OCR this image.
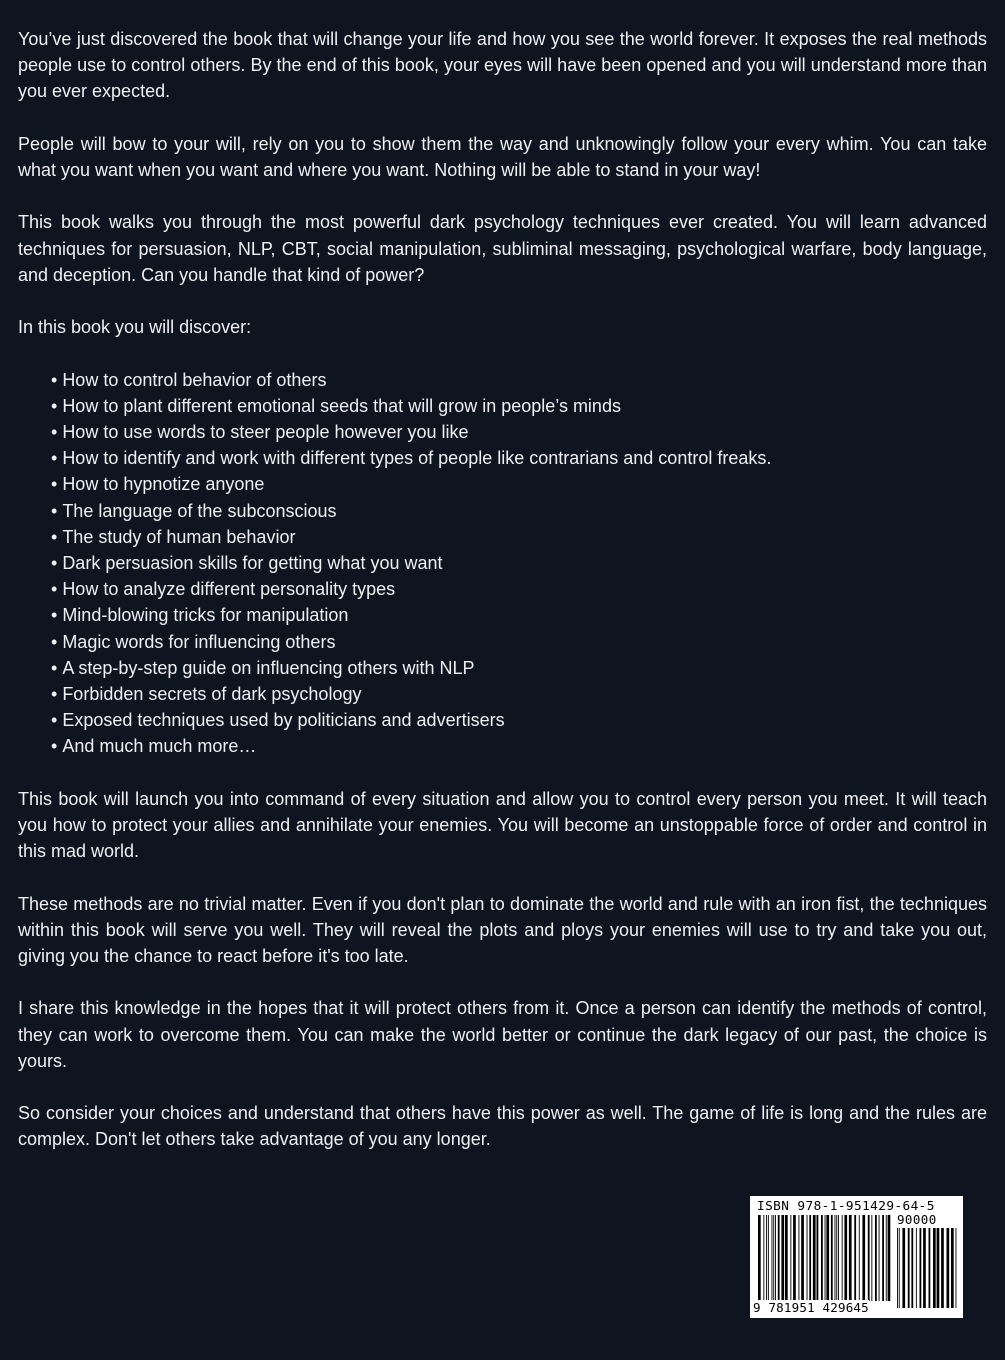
You’ve just discovered the book that will change your life and how you see the world forever. It exposes the real methods people use to control others. By the end of this book, your eyes will have been opened and you will understand more than you ever expected.

People will bow to your will, rely on you to show them the way and unknowingly follow your every whim. You can take what you want when you want and where you want. Nothing will be able to stand in your way!

This book walks you through the most powerful dark psychology techniques ever created. You will learn advanced techniques for persuasion, NLP, CBT, social manipulation, subliminal messaging, psychological warfare, body language, and deception. Can you handle that kind of power?

In this book you will discover:

• How to control behavior of others
• How to plant different emotional seeds that will grow in people’s minds
• How to use words to steer people however you like
• How to identify and work with different types of people like contrarians and control freaks.
• How to hypnotize anyone
• The language of the subconscious
• The study of human behavior
• Dark persuasion skills for getting what you want
• How to analyze different personality types
• Mind-blowing tricks for manipulation
• Magic words for influencing others
• A step-by-step guide on influencing others with NLP
• Forbidden secrets of dark psychology
• Exposed techniques used by politicians and advertisers
• And much much more…

This book will launch you into command of every situation and allow you to control every person you meet. It will teach you how to protect your allies and annihilate your enemies. You will become an unstoppable force of order and control in this mad world.

These methods are no trivial matter. Even if you don't plan to dominate the world and rule with an iron fist, the techniques within this book will serve you well. They will reveal the plots and ploys your enemies will use to try and take you out, giving you the chance to react before it's too late.

I share this knowledge in the hopes that it will protect others from it. Once a person can identify the methods of control, they can work to overcome them. You can make the world better or continue the dark legacy of our past, the choice is yours.

So consider your choices and understand that others have this power as well. The game of life is long and the rules are complex. Don't let others take advantage of you any longer.

ISBN 978-1-951429-64-5
90000
9 781951 429645
